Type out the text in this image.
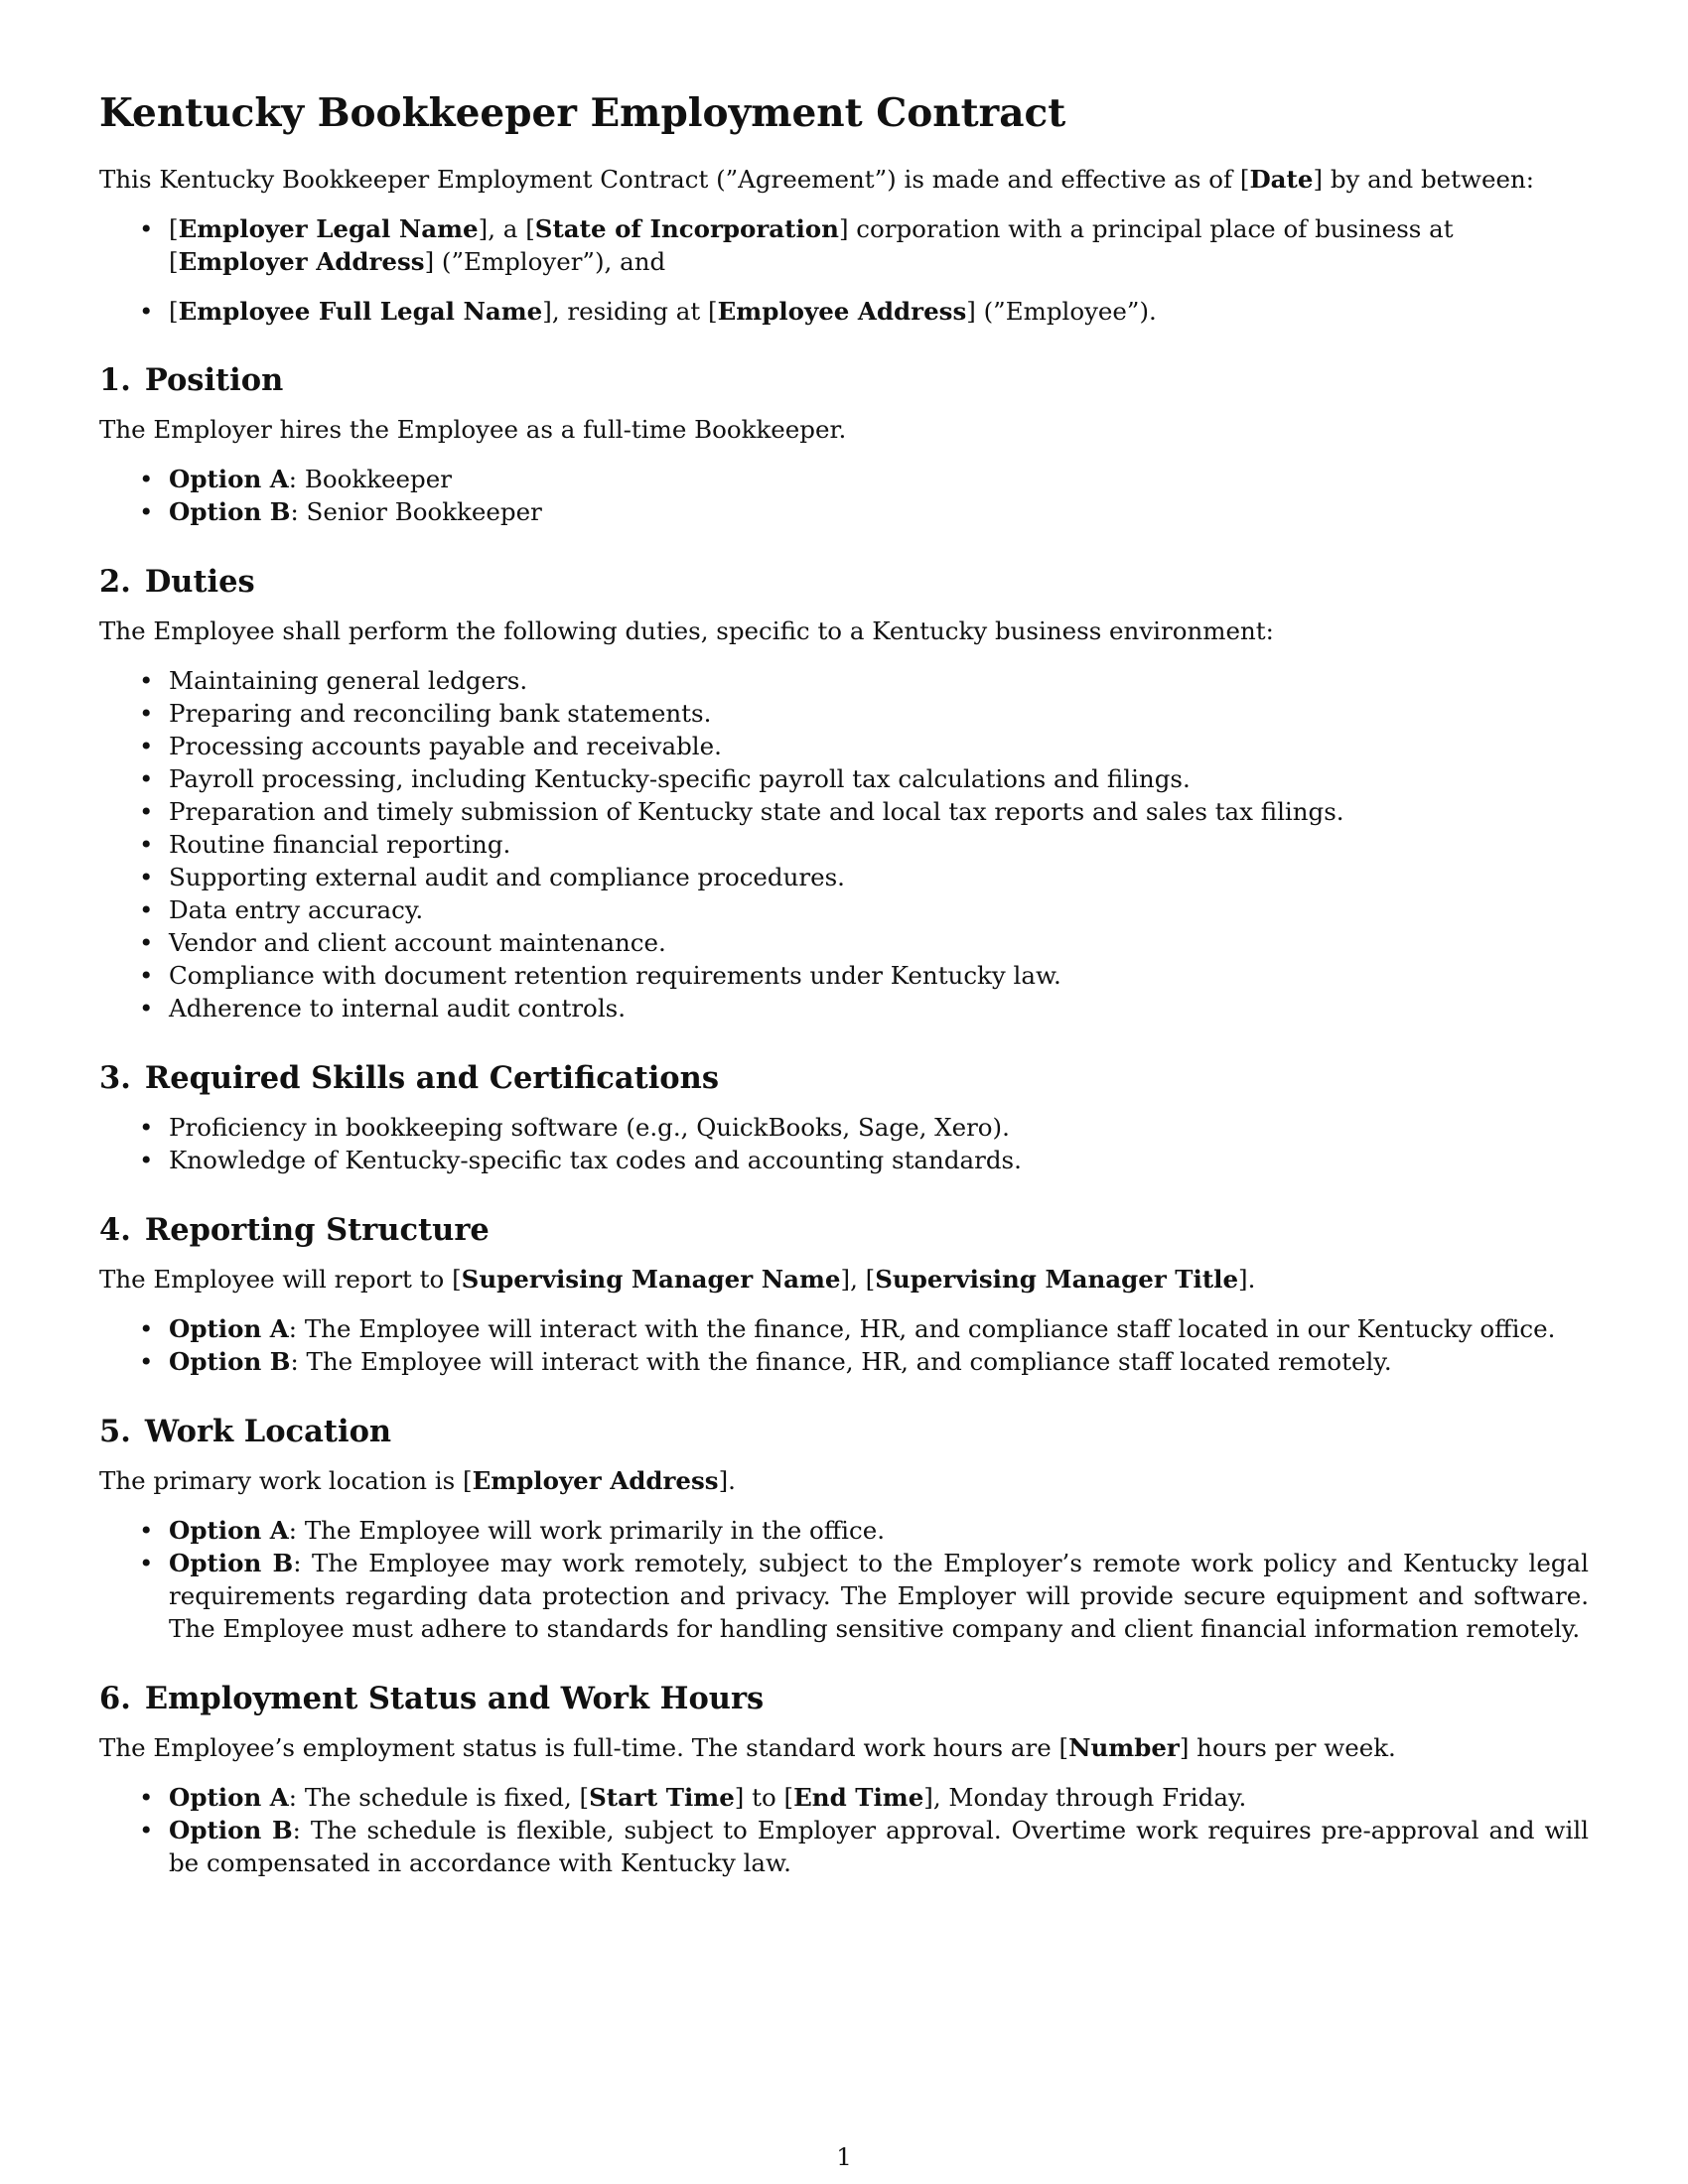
Kentucky Bookkeeper Employment Contract

This Kentucky Bookkeeper Employment Contract (”Agreement”) is made and effective as of [Date] by and between:

• [Employer Legal Name], a [State of Incorporation] corporation with a principal place of business at [Employer Address] (”Employer”), and
• [Employee Full Legal Name], residing at [Employee Address] (”Employee”).
1. Position

The Employer hires the Employee as a full-time Bookkeeper.

• Option A: Bookkeeper
• Option B: Senior Bookkeeper
2. Duties

The Employee shall perform the following duties, specific to a Kentucky business environment:

• Maintaining general ledgers.
• Preparing and reconciling bank statements.
• Processing accounts payable and receivable.
• Payroll processing, including Kentucky-specific payroll tax calculations and filings.
• Preparation and timely submission of Kentucky state and local tax reports and sales tax filings.
• Routine financial reporting.
• Supporting external audit and compliance procedures.
• Data entry accuracy.
• Vendor and client account maintenance.
• Compliance with document retention requirements under Kentucky law.
• Adherence to internal audit controls.
3. Required Skills and Certifications
• Proficiency in bookkeeping software (e.g., QuickBooks, Sage, Xero).
• Knowledge of Kentucky-specific tax codes and accounting standards.
4. Reporting Structure

The Employee will report to [Supervising Manager Name], [Supervising Manager Title].

• Option A: The Employee will interact with the finance, HR, and compliance staff located in our Kentucky office.
• Option B: The Employee will interact with the finance, HR, and compliance staff located remotely.
5. Work Location

The primary work location is [Employer Address].

• Option A: The Employee will work primarily in the office.
• Option B: The Employee may work remotely, subject to the Employer’s remote work policy and Kentucky legal requirements regarding data protection and privacy. The Employer will provide secure equipment and software. The Employee must adhere to standards for handling sensitive company and client financial information remotely.
6. Employment Status and Work Hours

The Employee’s employment status is full-time. The standard work hours are [Number] hours per week.

• Option A: The schedule is fixed, [Start Time] to [End Time], Monday through Friday.
• Option B: The schedule is flexible, subject to Employer approval. Overtime work requires pre-approval and will be compensated in accordance with Kentucky law.
1
